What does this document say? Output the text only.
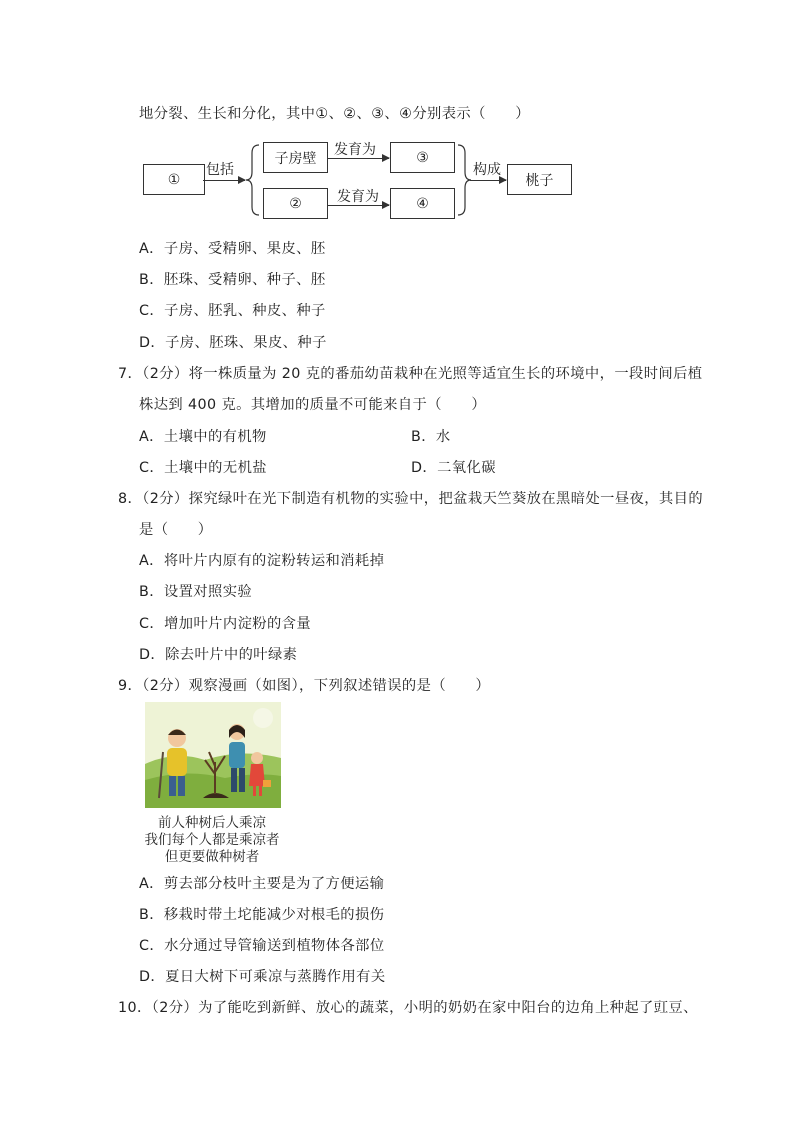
地分裂、生长和分化，其中①、②、③、④分别表示（　　）
①
包括
子房壁
②
发育为
发育为
③
④
构成
桃子
A．子房、受精卵、果皮、胚
B．胚珠、受精卵、种子、胚
C．子房、胚乳、种皮、种子
D．子房、胚珠、果皮、种子
7．（2分）将一株质量为 20 克的番茄幼苗栽种在光照等适宜生长的环境中，一段时间后植
株达到 400 克。其增加的质量不可能来自于（　　）
A．土壤中的有机物	B．水
C．土壤中的无机盐	D．二氧化碳
8．（2分）探究绿叶在光下制造有机物的实验中，把盆栽天竺葵放在黑暗处一昼夜，其目的
是（　　）
A．将叶片内原有的淀粉转运和消耗掉
B．设置对照实验
C．增加叶片内淀粉的含量
D．除去叶片中的叶绿素
9．（2分）观察漫画（如图），下列叙述错误的是（　　）
前人种树后人乘凉
我们每个人都是乘凉者
但更要做种树者
A．剪去部分枝叶主要是为了方便运输
B．移栽时带土坨能减少对根毛的损伤
C．水分通过导管输送到植物体各部位
D．夏日大树下可乘凉与蒸腾作用有关
10．（2分）为了能吃到新鲜、放心的蔬菜，小明的奶奶在家中阳台的边角上种起了豇豆、
